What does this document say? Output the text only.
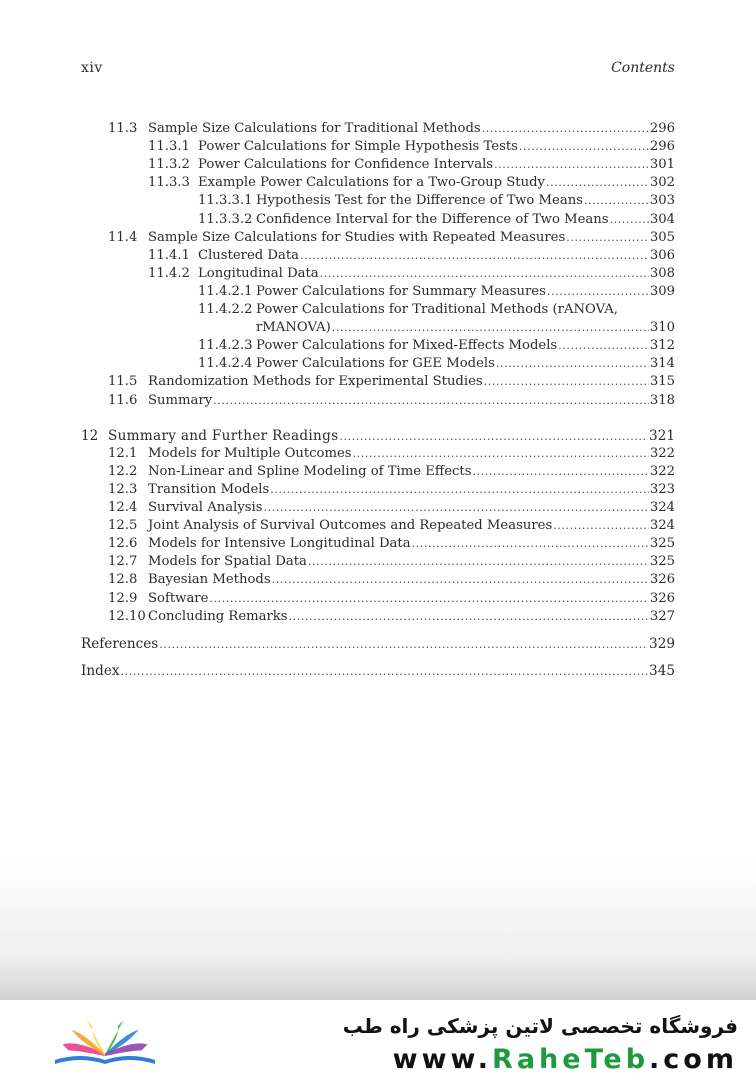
xiv	Contents
11.3 Sample Size Calculations for Traditional Methods .....	296
11.3.1 Power Calculations for Simple Hypothesis Tests .....	296
11.3.2 Power Calculations for Confidence Intervals .....	301
11.3.3 Example Power Calculations for a Two-Group Study .....	302
11.3.3.1 Hypothesis Test for the Difference of Two Means .....	303
11.3.3.2 Confidence Interval for the Difference of Two Means .....	304
11.4 Sample Size Calculations for Studies with Repeated Measures .....	305
11.4.1 Clustered Data .....	306
11.4.2 Longitudinal Data .....	308
11.4.2.1 Power Calculations for Summary Measures .....	309
11.4.2.2 Power Calculations for Traditional Methods (rANOVA,
rMANOVA) .....	310
11.4.2.3 Power Calculations for Mixed-Effects Models .....	312
11.4.2.4 Power Calculations for GEE Models .....	314
11.5 Randomization Methods for Experimental Studies .....	315
11.6 Summary .....	318
12 Summary and Further Readings .....	321
12.1 Models for Multiple Outcomes .....	322
12.2 Non-Linear and Spline Modeling of Time Effects .....	322
12.3 Transition Models .....	323
12.4 Survival Analysis .....	324
12.5 Joint Analysis of Survival Outcomes and Repeated Measures .....	324
12.6 Models for Intensive Longitudinal Data .....	325
12.7 Models for Spatial Data .....	325
12.8 Bayesian Methods .....	326
12.9 Software .....	326
12.10 Concluding Remarks .....	327
References .....	329
Index .....	345
فروشگاه تخصصی لاتین پزشکی راه طب
www.RaheTeb.com
